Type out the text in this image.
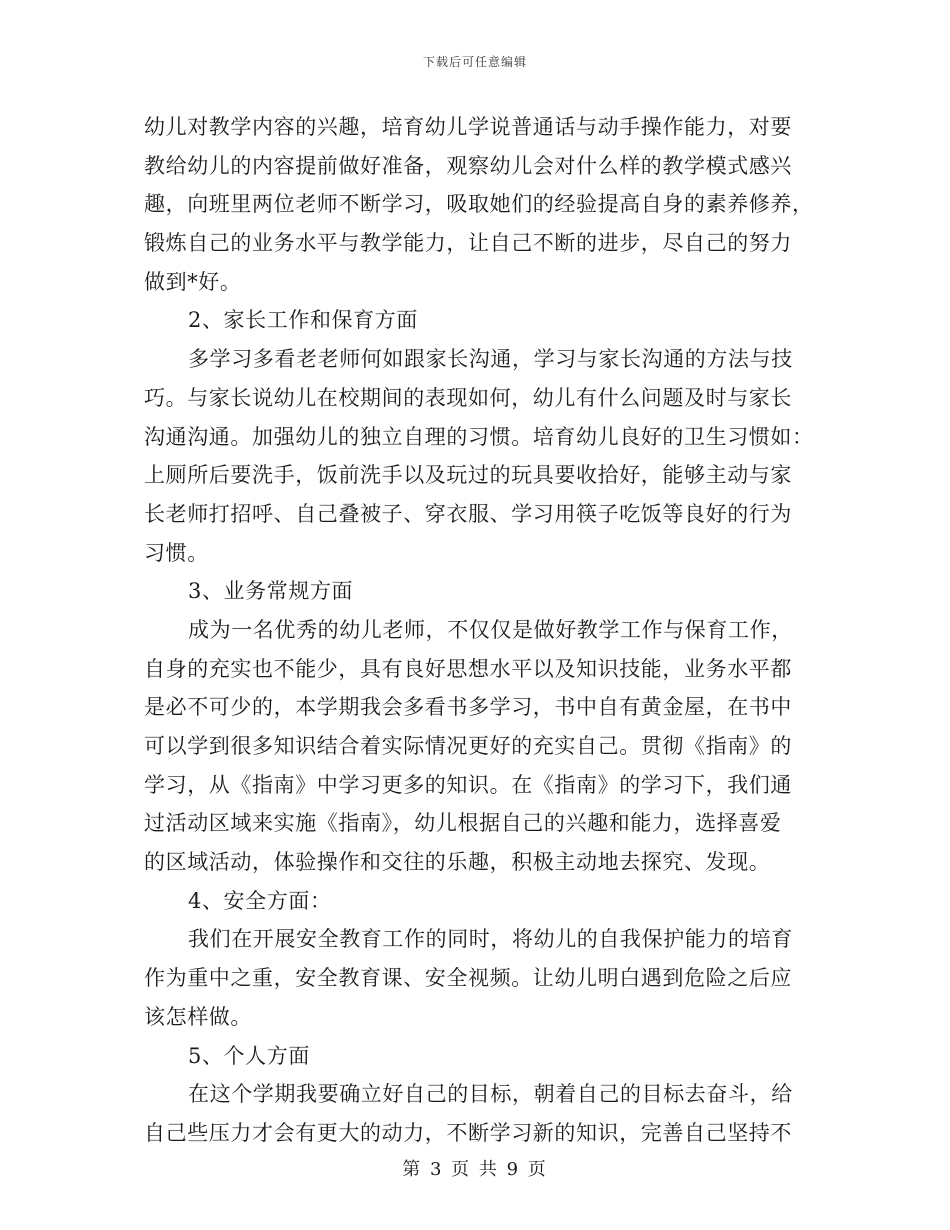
下载后可任意编辑
幼儿对教学内容的兴趣，培育幼儿学说普通话与动手操作能力，对要
教给幼儿的内容提前做好准备，观察幼儿会对什么样的教学模式感兴
趣，向班里两位老师不断学习，吸取她们的经验提高自身的素养修养，
锻炼自己的业务水平与教学能力，让自己不断的进步，尽自己的努力
做到*好。
2、家长工作和保育方面
多学习多看老老师何如跟家长沟通，学习与家长沟通的方法与技
巧。与家长说幼儿在校期间的表现如何，幼儿有什么问题及时与家长
沟通沟通。加强幼儿的独立自理的习惯。培育幼儿良好的卫生习惯如：
上厕所后要洗手，饭前洗手以及玩过的玩具要收拾好，能够主动与家
长老师打招呼、自己叠被子、穿衣服、学习用筷子吃饭等良好的行为
习惯。
3、业务常规方面
成为一名优秀的幼儿老师，不仅仅是做好教学工作与保育工作，
自身的充实也不能少，具有良好思想水平以及知识技能，业务水平都
是必不可少的，本学期我会多看书多学习，书中自有黄金屋，在书中
可以学到很多知识结合着实际情况更好的充实自己。贯彻《指南》的
学习，从《指南》中学习更多的知识。在《指南》的学习下，我们通
过活动区域来实施《指南》，幼儿根据自己的兴趣和能力，选择喜爱
的区域活动，体验操作和交往的乐趣，积极主动地去探究、发现。
4、安全方面：
我们在开展安全教育工作的同时，将幼儿的自我保护能力的培育
作为重中之重，安全教育课、安全视频。让幼儿明白遇到危险之后应
该怎样做。
5、个人方面
在这个学期我要确立好自己的目标，朝着自己的目标去奋斗，给
自己些压力才会有更大的动力，不断学习新的知识，完善自己坚持不
第 3 页 共 9 页
